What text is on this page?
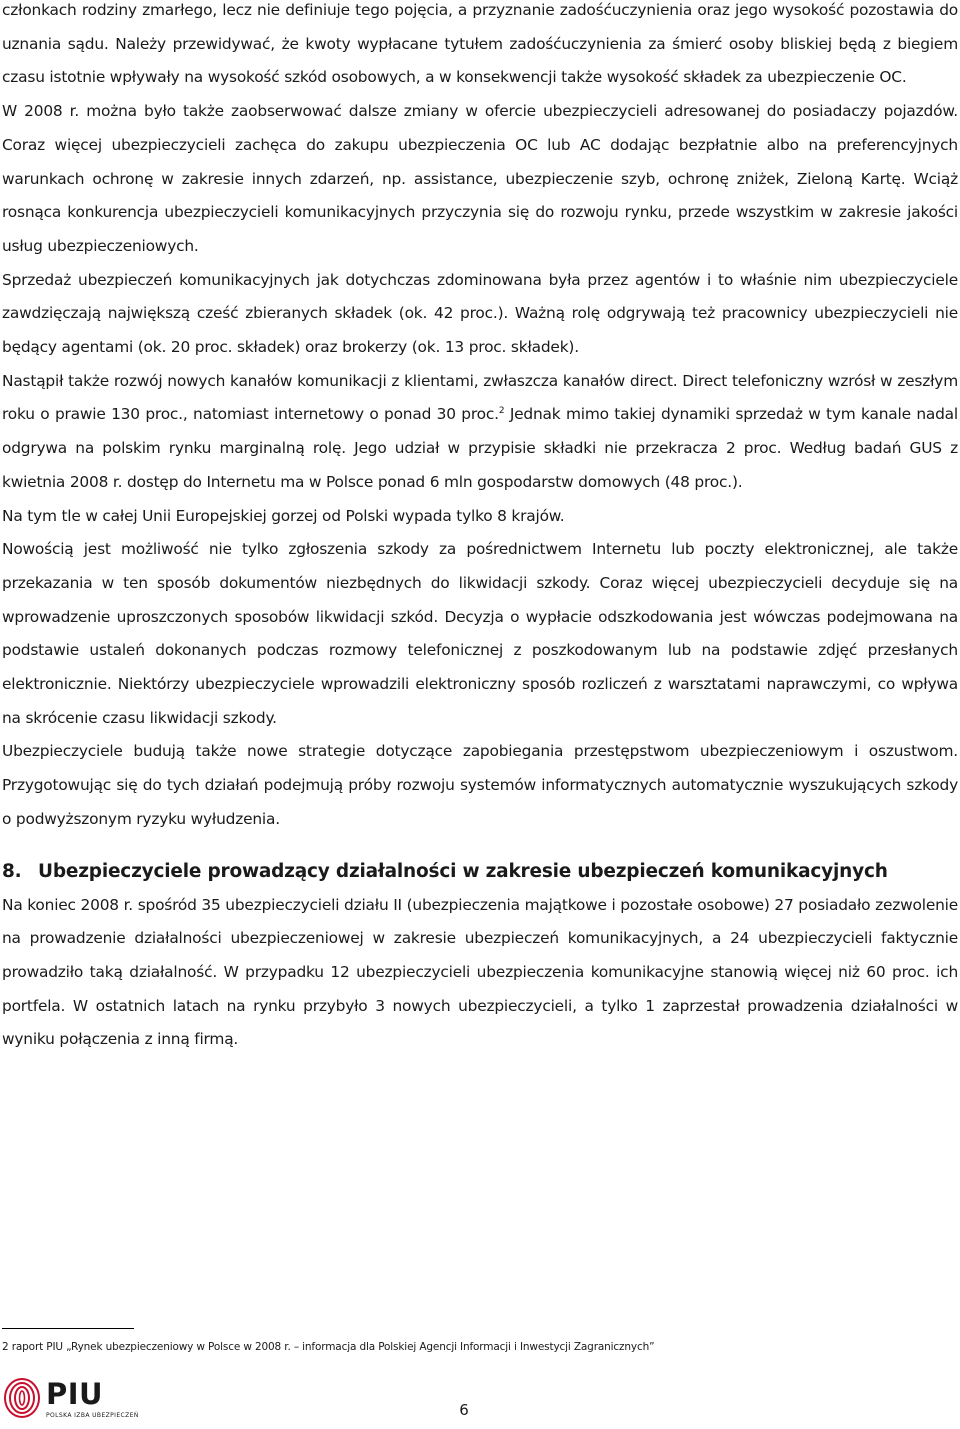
członkach rodziny zmarłego, lecz nie definiuje tego pojęcia, a przyznanie zadośćuczynienia oraz jego wysokość pozostawia do uznania sądu. Należy przewidywać, że kwoty wypłacane tytułem zadośćuczynienia za śmierć osoby bliskiej będą z biegiem czasu istotnie wpływały na wysokość szkód osobowych, a w konsekwencji także wysokość składek za ubezpieczenie OC.

W 2008 r. można było także zaobserwować dalsze zmiany w ofercie ubezpieczycieli adresowanej do posiadaczy pojazdów. Coraz więcej ubezpieczycieli zachęca do zakupu ubezpieczenia OC lub AC dodając bezpłatnie albo na preferencyjnych warunkach ochronę w zakresie innych zdarzeń, np. assistance, ubezpieczenie szyb, ochronę zniżek, Zieloną Kartę. Wciąż rosnąca konkurencja ubezpieczycieli komunikacyjnych przyczynia się do rozwoju rynku, przede wszystkim w zakresie jakości usług ubezpieczeniowych.

Sprzedaż ubezpieczeń komunikacyjnych jak dotychczas zdominowana była przez agentów i to właśnie nim ubezpieczyciele zawdzięczają największą cześć zbieranych składek (ok. 42 proc.). Ważną rolę odgrywają też pracownicy ubezpieczycieli nie będący agentami (ok. 20 proc. składek) oraz brokerzy (ok. 13 proc. składek).

Nastąpił także rozwój nowych kanałów komunikacji z klientami, zwłaszcza kanałów direct. Direct telefoniczny wzrósł w zeszłym roku o prawie 130 proc., natomiast internetowy o ponad 30 proc.$^2$ Jednak mimo takiej dynamiki sprzedaż w tym kanale nadal odgrywa na polskim rynku marginalną rolę. Jego udział w przypisie składki nie przekracza 2 proc. Według badań GUS z kwietnia 2008 r. dostęp do Internetu ma w Polsce ponad 6 mln gospodarstw domowych (48 proc.).

Na tym tle w całej Unii Europejskiej gorzej od Polski wypada tylko 8 krajów.

Nowością jest możliwość nie tylko zgłoszenia szkody za pośrednictwem Internetu lub poczty elektronicznej, ale także przekazania w ten sposób dokumentów niezbędnych do likwidacji szkody. Coraz więcej ubezpieczycieli decyduje się na wprowadzenie uproszczonych sposobów likwidacji szkód. Decyzja o wypłacie odszkodowania jest wówczas podejmowana na podstawie ustaleń dokonanych podczas rozmowy telefonicznej z poszkodowanym lub na podstawie zdjęć przesłanych elektronicznie. Niektórzy ubezpieczyciele wprowadzili elektroniczny sposób rozliczeń z warsztatami naprawczymi, co wpływa na skrócenie czasu likwidacji szkody.

Ubezpieczyciele budują także nowe strategie dotyczące zapobiegania przestępstwom ubezpieczeniowym i oszustwom. Przygotowując się do tych działań podejmują próby rozwoju systemów informatycznych automatycznie wyszukujących szkody o podwyższonym ryzyku wyłudzenia.

8. Ubezpieczyciele prowadzący działalności w zakresie ubezpieczeń komunikacyjnych

Na koniec 2008 r. spośród 35 ubezpieczycieli działu II (ubezpieczenia majątkowe i pozostałe osobowe) 27 posiadało zezwolenie na prowadzenie działalności ubezpieczeniowej w zakresie ubezpieczeń komunikacyjnych, a 24 ubezpieczycieli faktycznie prowadziło taką działalność. W przypadku 12 ubezpieczycieli ubezpieczenia komunikacyjne stanowią więcej niż 60 proc. ich portfela. W ostatnich latach na rynku przybyło 3 nowych ubezpieczycieli, a tylko 1 zaprzestał prowadzenia działalności w wyniku połączenia z inną firmą.

2 raport PIU „Rynek ubezpieczeniowy w Polsce w 2008 r. – informacja dla Polskiej Agencji Informacji i Inwestycji Zagranicznych”
PIU
POLSKA IZBA UBEZPIECZEŃ	6
